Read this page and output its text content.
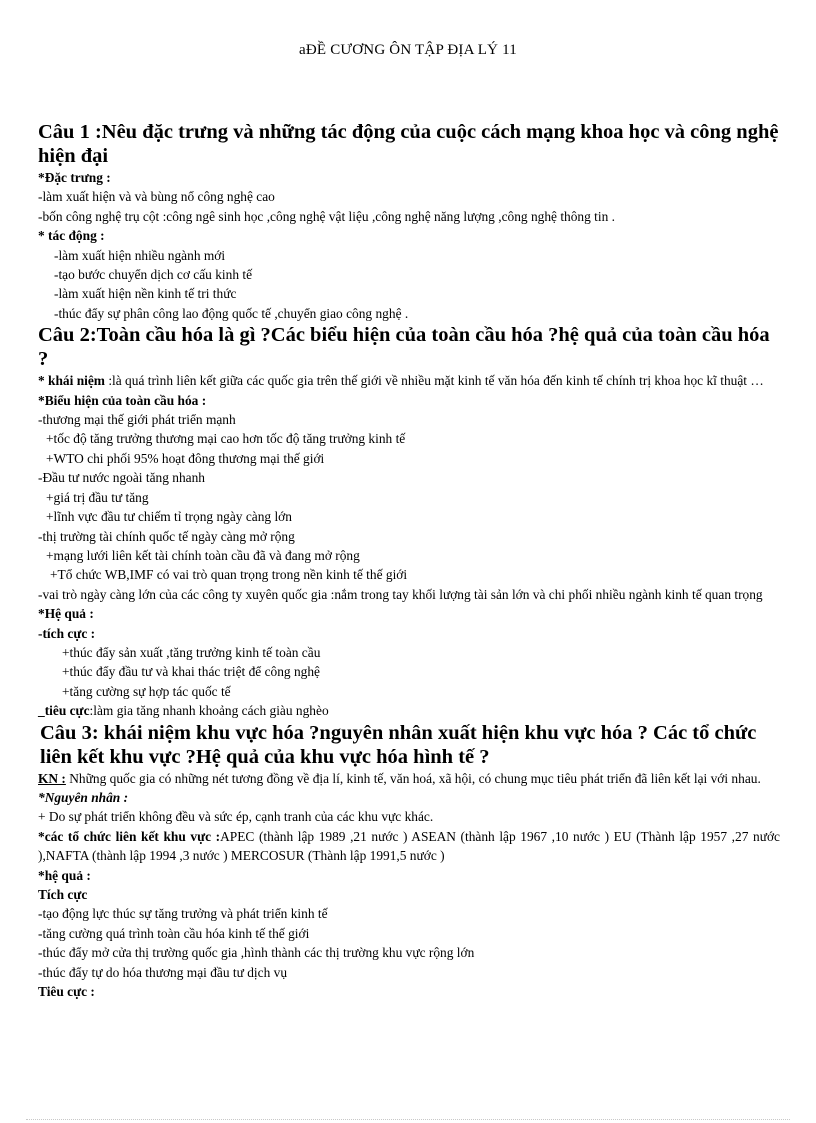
aĐỀ CƯƠNG ÔN TẬP ĐỊA LÝ 11

Câu 1 :Nêu đặc trưng và những tác động của cuộc cách mạng khoa học và công nghệ hiện đại

*Đặc trưng :

-làm xuất hiện và và bùng nổ công nghệ cao

-bốn công nghệ trụ cột :công ngê sinh học ,công nghệ vật liệu ,công nghệ năng lượng ,công nghệ thông tin .

* tác động :

-làm xuất hiện nhiều ngành mới

-tạo bước chuyển dịch cơ cấu kinh tế

-làm xuất hiện nền kinh tế tri thức

-thúc đẩy sự phân công lao động quốc tế ,chuyển giao công nghệ .

Câu 2:Toàn cầu hóa là gì ?Các biểu hiện của toàn cầu hóa ?hệ quả của toàn cầu hóa ?

* khái niệm :là quá trình liên kết giữa các quốc gia trên thế giới về nhiều mặt kinh tế văn hóa đến kinh tế chính trị khoa học kĩ thuật …

*Biểu hiện của toàn cầu hóa :

-thương mại thế giới phát triển mạnh

+tốc độ tăng trưởng thương mại cao hơn tốc độ tăng trưởng kinh tế

+WTO chi phối 95% hoạt đông thương mại thế giới

-Đầu tư nước ngoài tăng nhanh

+giá trị đầu tư tăng

+lĩnh vực đầu tư chiếm tỉ trọng ngày càng lớn

-thị trường tài chính quốc tế ngày càng mở rộng

+mạng lưới liên kết tài chính toàn cầu đã và đang mở rộng

+Tổ chức WB,IMF có vai trò quan trọng trong nền kinh tế thế giới

-vai trò ngày càng lớn của các công ty xuyên quốc gia :nắm trong tay khối lượng tài sản lớn và chi phối nhiều ngành kinh tế quan trọng

*Hệ quả :

-tích cực :

+thúc đẩy sản xuất ,tăng trưởng kinh tế toàn cầu

+thúc đẩy đầu tư và khai thác triệt để công nghệ

+tăng cường sự hợp tác quốc tế

_tiêu cực:làm gia tăng nhanh khoảng cách giàu nghèo

Câu 3: khái niệm khu vực hóa ?nguyên nhân xuất hiện khu vực hóa ? Các tổ chức liên kết khu vực ?Hệ quả của khu vực hóa hình tế ?

KN : Những quốc gia có những nét tương đồng về địa lí, kinh tế, văn hoá, xã hội, có chung mục tiêu phát triển đã liên kết lại với nhau.

*Nguyên nhân :

+ Do sự phát triển không đều và sức ép, cạnh tranh của các khu vực khác.

*các tổ chức liên kết khu vực :APEC (thành lập 1989 ,21 nước ) ASEAN (thành lập 1967 ,10 nước ) EU (Thành lập 1957 ,27 nước ),NAFTA (thành lập 1994 ,3 nước ) MERCOSUR (Thành lập 1991,5 nước )

*hệ quả :

Tích cực

-tạo động lực thúc sự tăng trưởng và phát triển kinh tế

-tăng cường quá trình toàn cầu hóa kinh tế thế giới

-thúc đẩy mở cửa thị trường quốc gia ,hình thành các thị trường khu vực rộng lớn

-thúc đẩy tự do hóa thương mại đầu tư dịch vụ

Tiêu cực :
